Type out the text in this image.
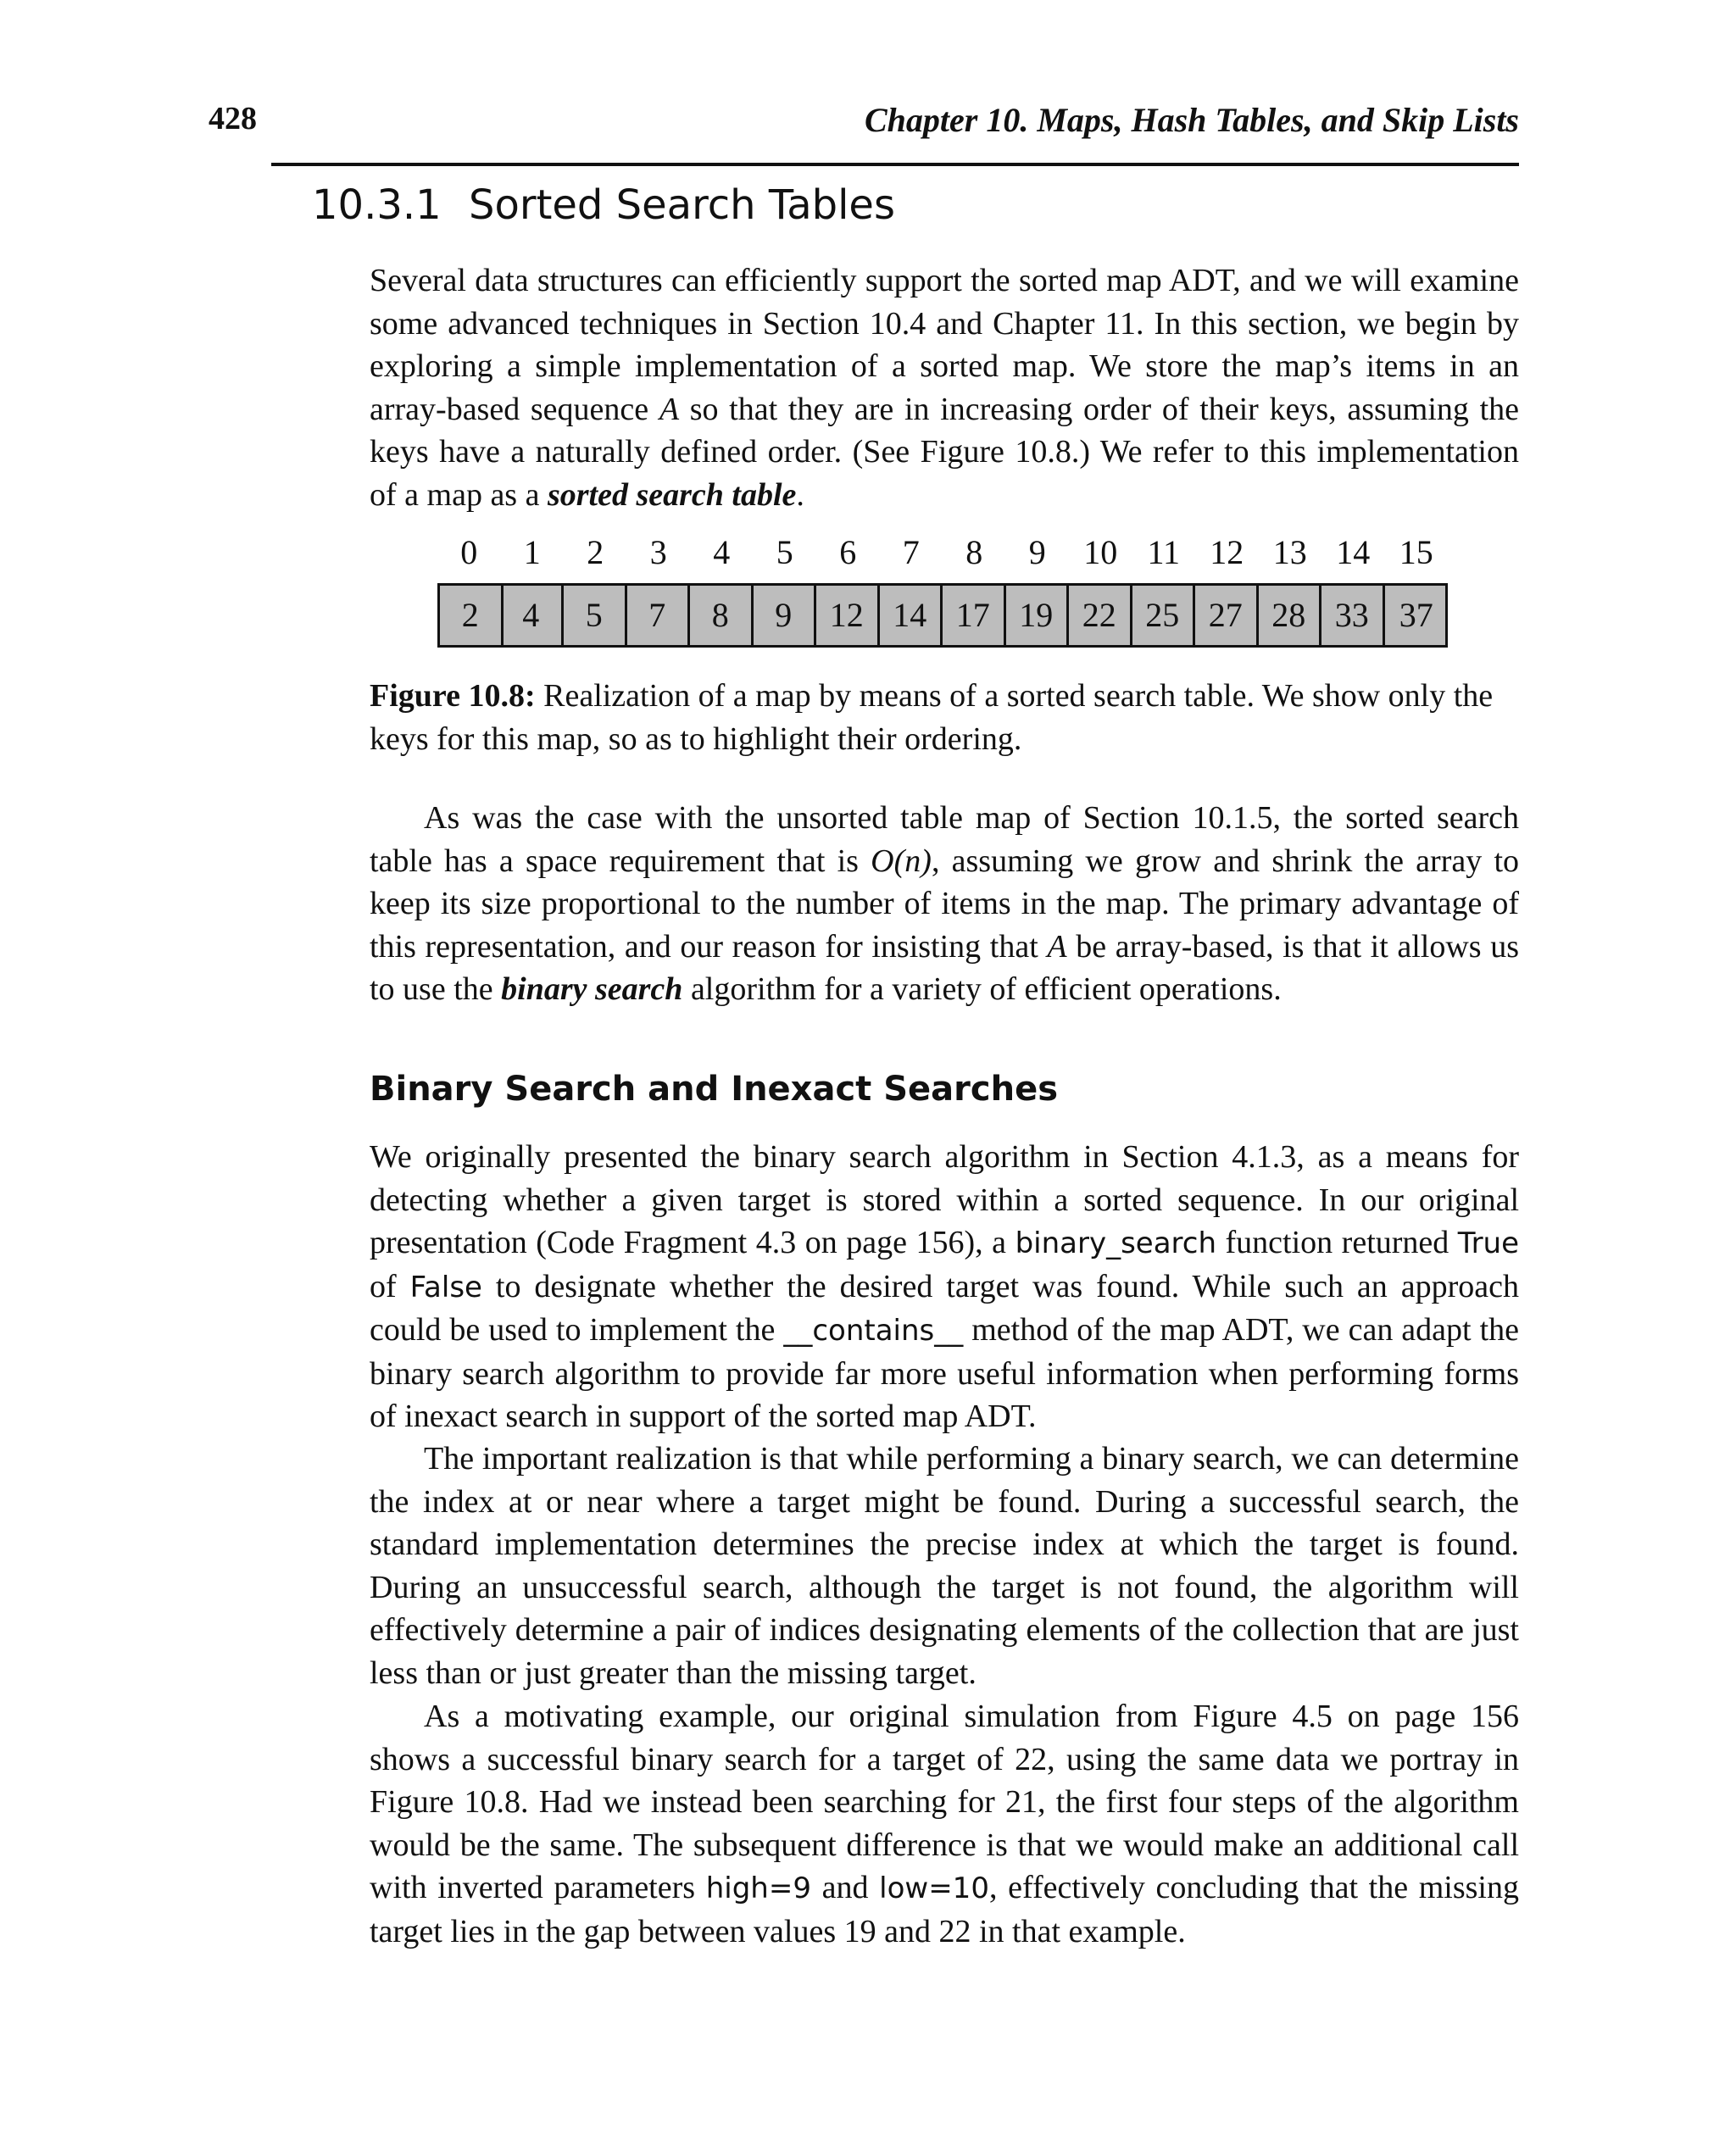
428	Chapter 10. Maps, Hash Tables, and Skip Lists
10.3.1 Sorted Search Tables

Several data structures can efficiently support the sorted map ADT, and we will examine some advanced techniques in Section 10.4 and Chapter 11. In this section, we begin by exploring a simple implementation of a sorted map. We store the map’s items in an array-based sequence A so that they are in increasing order of their keys, assuming the keys have a naturally defined order. (See Figure 10.8.) We refer to this implementation of a map as a sorted search table.

0	1	2	3	4	5	6	7	8	9	10 11 12 13 14 15
2	4	5	7	8	9	12 14 17 19 22 25 27 28 33 37

Figure 10.8: Realization of a map by means of a sorted search table. We show only the keys for this map, so as to highlight their ordering.

As was the case with the unsorted table map of Section 10.1.5, the sorted search table has a space requirement that is O(n), assuming we grow and shrink the array to keep its size proportional to the number of items in the map. The primary advantage of this representation, and our reason for insisting that A be array-based, is that it allows us to use the binary search algorithm for a variety of efficient operations.

Binary Search and Inexact Searches

We originally presented the binary search algorithm in Section 4.1.3, as a means for detecting whether a given target is stored within a sorted sequence. In our original presentation (Code Fragment 4.3 on page 156), a binary_search function returned True of False to designate whether the desired target was found. While such an approach could be used to implement the __contains__ method of the map ADT, we can adapt the binary search algorithm to provide far more useful information when performing forms of inexact search in support of the sorted map ADT.

The important realization is that while performing a binary search, we can determine the index at or near where a target might be found. During a successful search, the standard implementation determines the precise index at which the target is found. During an unsuccessful search, although the target is not found, the algorithm will effectively determine a pair of indices designating elements of the collection that are just less than or just greater than the missing target.

As a motivating example, our original simulation from Figure 4.5 on page 156 shows a successful binary search for a target of 22, using the same data we portray in Figure 10.8. Had we instead been searching for 21, the first four steps of the algorithm would be the same. The subsequent difference is that we would make an additional call with inverted parameters high=9 and low=10, effectively concluding that the missing target lies in the gap between values 19 and 22 in that example.
